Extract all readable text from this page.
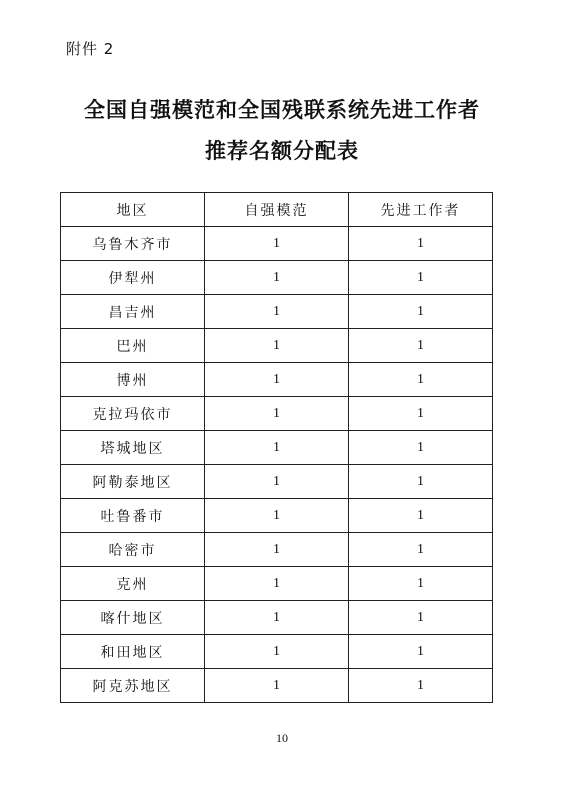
附件 2
全国自强模范和全国残联系统先进工作者
推荐名额分配表
地区	自强模范	先进工作者
乌鲁木齐市	1	1
伊犁州	1	1
昌吉州	1	1
巴州	1	1
博州	1	1
克拉玛依市	1	1
塔城地区	1	1
阿勒泰地区	1	1
吐鲁番市	1	1
哈密市	1	1
克州	1	1
喀什地区	1	1
和田地区	1	1
阿克苏地区	1	1
10
